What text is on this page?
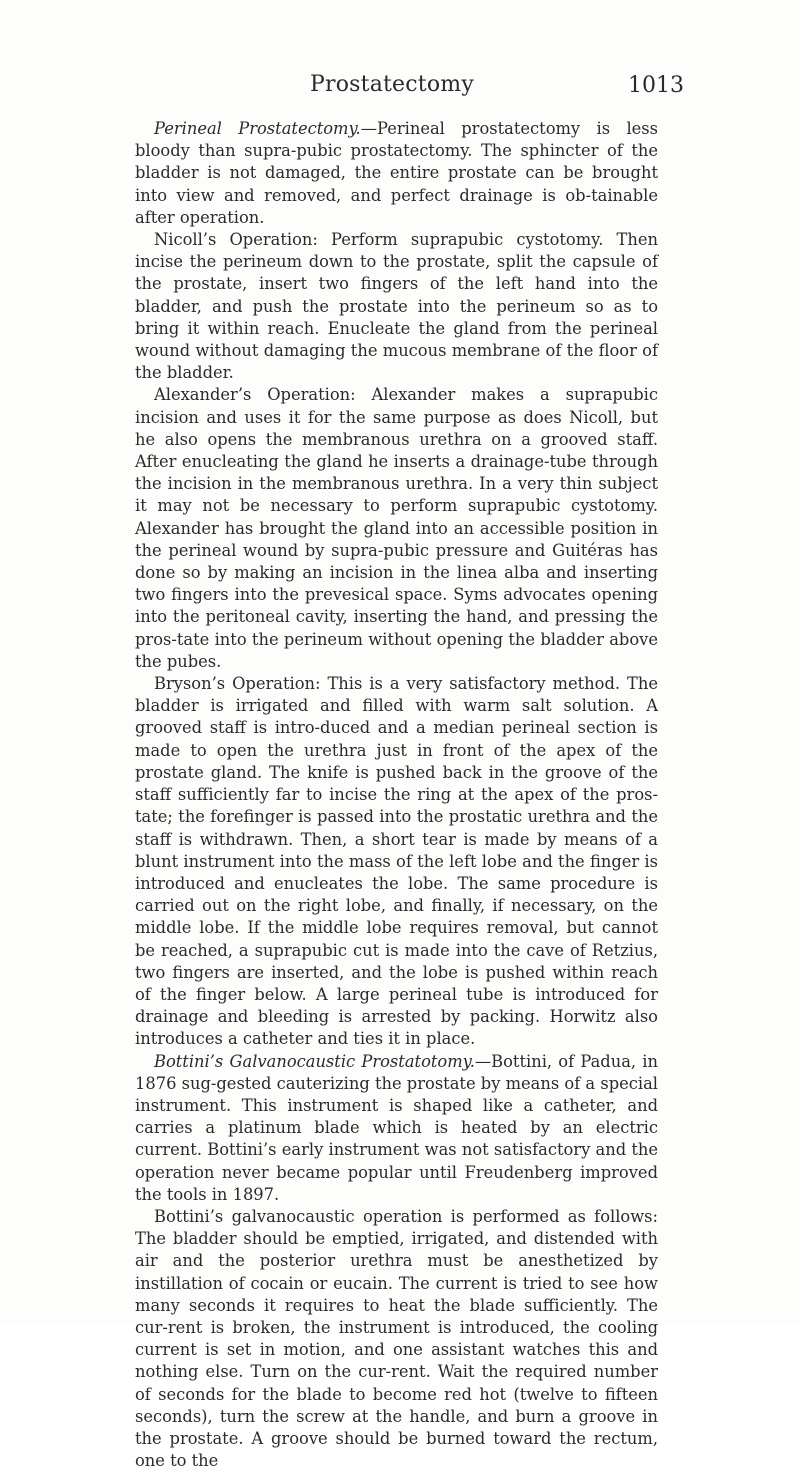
Prostatectomy	1013

Perineal Prostatectomy.—Perineal prostatectomy is less bloody than supra-pubic prostatectomy. The sphincter of the bladder is not damaged, the entire prostate can be brought into view and removed, and perfect drainage is ob-tainable after operation.

Nicoll’s Operation: Perform suprapubic cystotomy. Then incise the perineum down to the prostate, split the capsule of the prostate, insert two fingers of the left hand into the bladder, and push the prostate into the perineum so as to bring it within reach. Enucleate the gland from the perineal wound without damaging the mucous membrane of the floor of the bladder.

Alexander’s Operation: Alexander makes a suprapubic incision and uses it for the same purpose as does Nicoll, but he also opens the membranous urethra on a grooved staff. After enucleating the gland he inserts a drainage-tube through the incision in the membranous urethra. In a very thin subject it may not be necessary to perform suprapubic cystotomy. Alexander has brought the gland into an accessible position in the perineal wound by supra-pubic pressure and Guitéras has done so by making an incision in the linea alba and inserting two fingers into the prevesical space. Syms advocates opening into the peritoneal cavity, inserting the hand, and pressing the pros-tate into the perineum without opening the bladder above the pubes.

Bryson’s Operation: This is a very satisfactory method. The bladder is irrigated and filled with warm salt solution. A grooved staff is intro-duced and a median perineal section is made to open the urethra just in front of the apex of the prostate gland. The knife is pushed back in the groove of the staff sufficiently far to incise the ring at the apex of the pros-tate; the forefinger is passed into the prostatic urethra and the staff is withdrawn. Then, a short tear is made by means of a blunt instrument into the mass of the left lobe and the finger is introduced and enucleates the lobe. The same procedure is carried out on the right lobe, and finally, if necessary, on the middle lobe. If the middle lobe requires removal, but cannot be reached, a suprapubic cut is made into the cave of Retzius, two fingers are inserted, and the lobe is pushed within reach of the finger below. A large perineal tube is introduced for drainage and bleeding is arrested by packing. Horwitz also introduces a catheter and ties it in place.

Bottini’s Galvanocaustic Prostatotomy.—Bottini, of Padua, in 1876 sug-gested cauterizing the prostate by means of a special instrument. This instrument is shaped like a catheter, and carries a platinum blade which is heated by an electric current. Bottini’s early instrument was not satisfactory and the operation never became popular until Freudenberg improved the tools in 1897.

Bottini’s galvanocaustic operation is performed as follows: The bladder should be emptied, irrigated, and distended with air and the posterior urethra must be anesthetized by instillation of cocain or eucain. The current is tried to see how many seconds it requires to heat the blade sufficiently. The cur-rent is broken, the instrument is introduced, the cooling current is set in motion, and one assistant watches this and nothing else. Turn on the cur-rent. Wait the required number of seconds for the blade to become red hot (twelve to fifteen seconds), turn the screw at the handle, and burn a groove in the prostate. A groove should be burned toward the rectum, one to the
